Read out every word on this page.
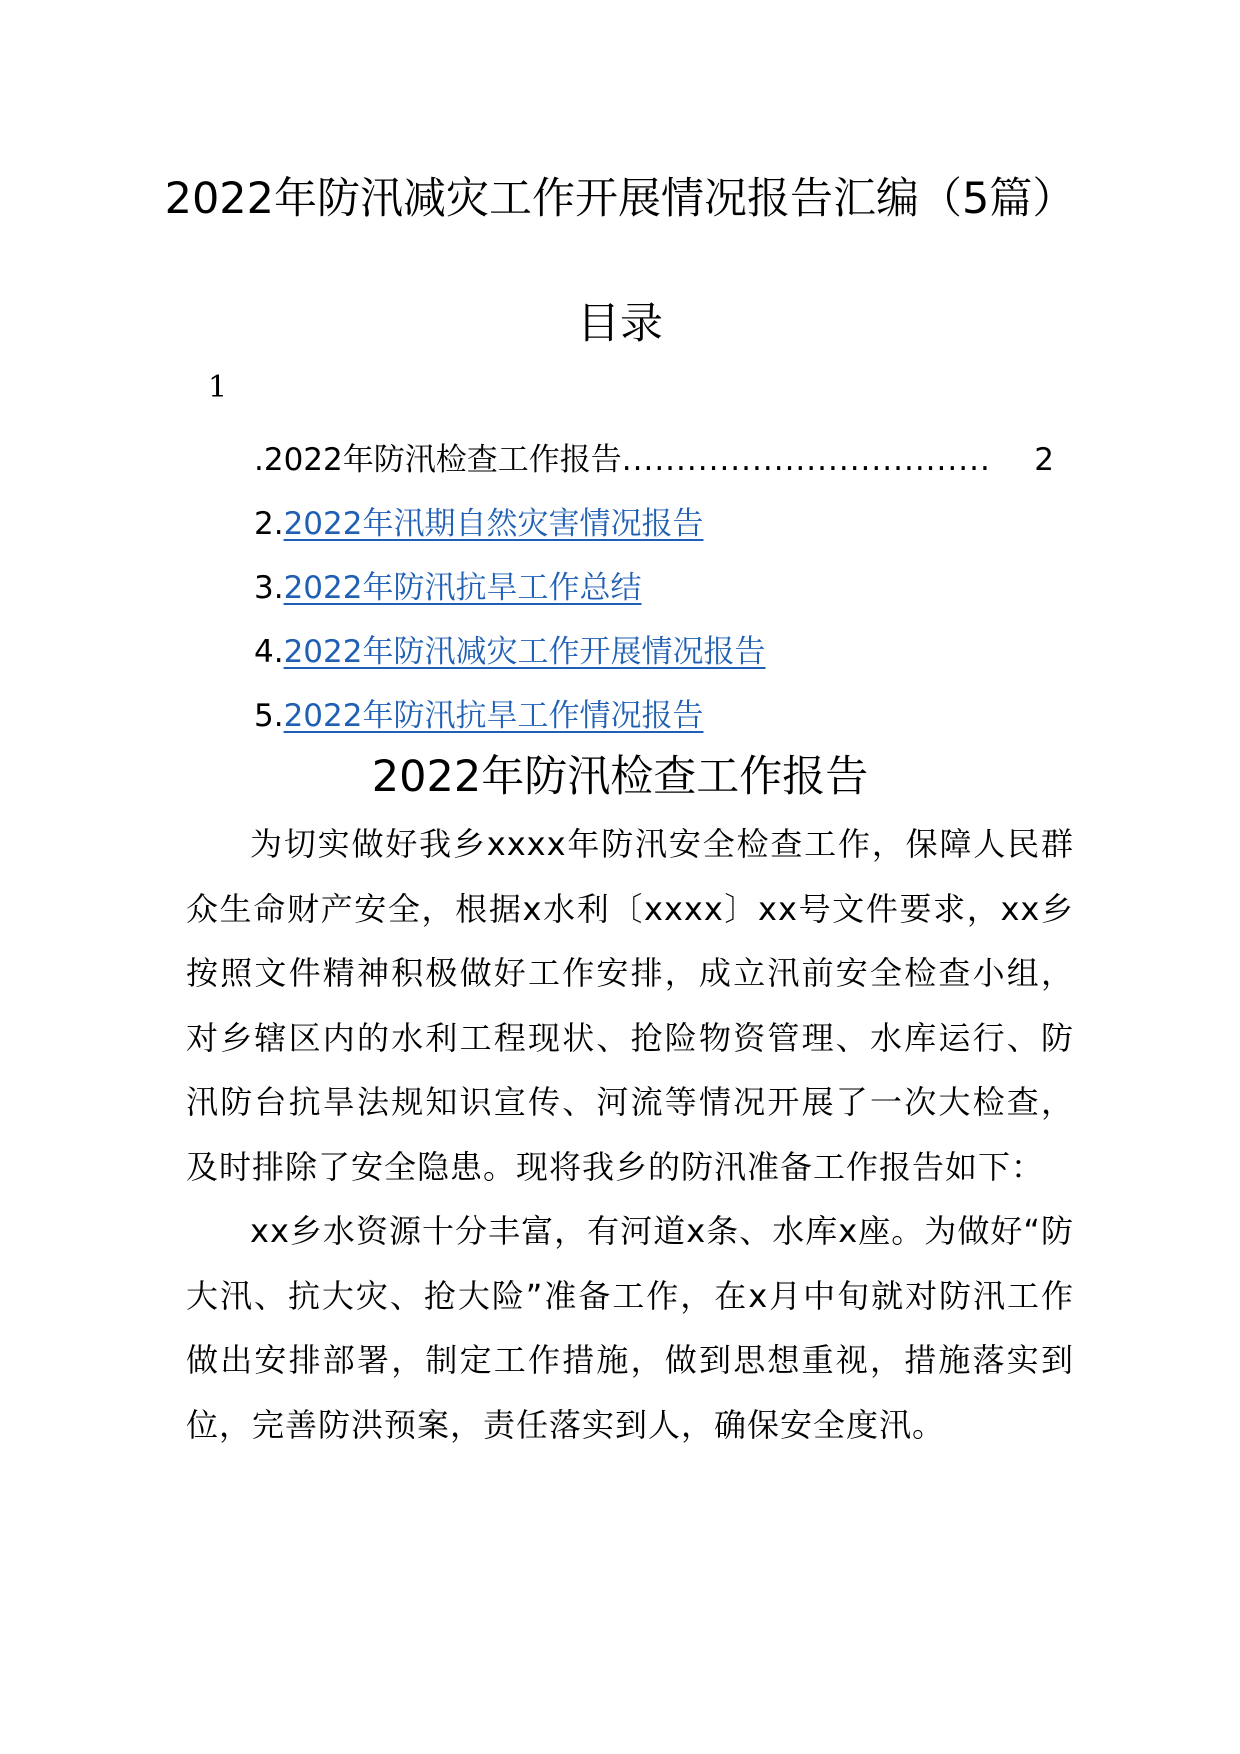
2022年防汛减灾工作开展情况报告汇编（5篇）
目录
1
2
.2022年防汛检查工作报告..................................
2.2022年汛期自然灾害情况报告
3.2022年防汛抗旱工作总结
4.2022年防汛减灾工作开展情况报告
5.2022年防汛抗旱工作情况报告
2022年防汛检查工作报告

为切实做好我乡xxxx年防汛安全检查工作，保障人民群众生命财产安全，根据x水利〔xxxx〕xx号文件要求，xx乡按照文件精神积极做好工作安排，成立汛前安全检查小组，对乡辖区内的水利工程现状、抢险物资管理、水库运行、防汛防台抗旱法规知识宣传、河流等情况开展了一次大检查，及时排除了安全隐患。现将我乡的防汛准备工作报告如下：

xx乡水资源十分丰富，有河道x条、水库x座。为做好“防大汛、抗大灾、抢大险”准备工作，在x月中旬就对防汛工作做出安排部署，制定工作措施，做到思想重视，措施落实到位，完善防洪预案，责任落实到人，确保安全度汛。
